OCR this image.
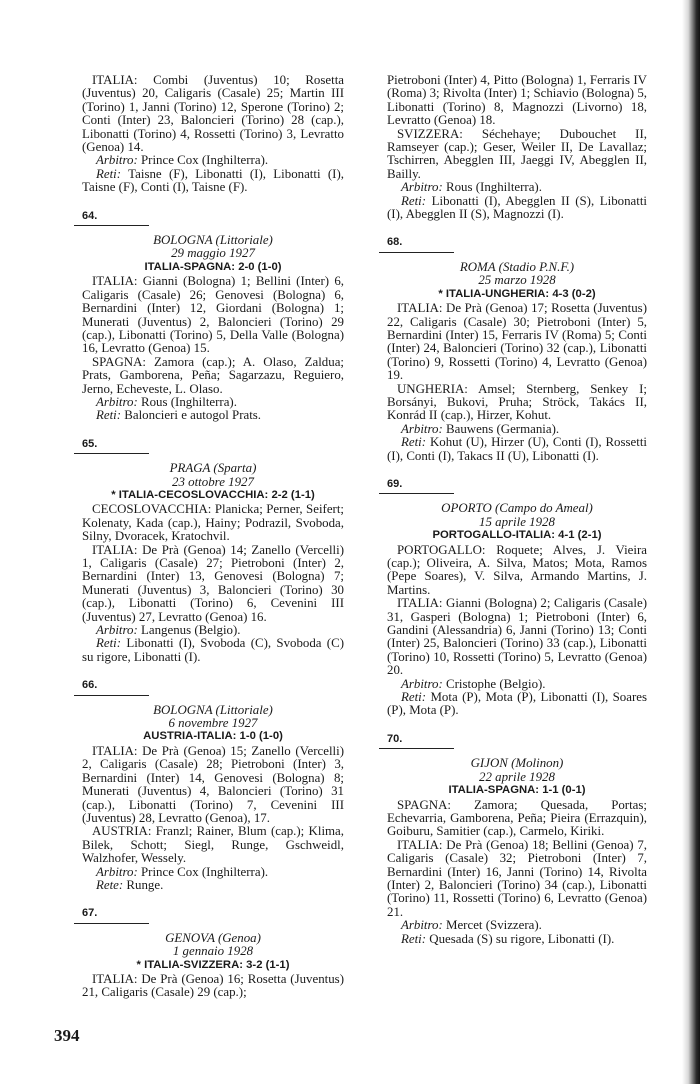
ITALIA: Combi (Juventus) 10; Rosetta (Juventus) 20, Caligaris (Casale) 25; Martin III (Torino) 1, Janni (Torino) 12, Sperone (Torino) 2; Conti (Inter) 23, Baloncieri (Torino) 28 (cap.), Libonatti (Torino) 4, Rossetti (Torino) 3, Levratto (Genoa) 14.
Arbitro: Prince Cox (Inghilterra).
Reti: Taisne (F), Libonatti (I), Libonatti (I), Taisne (F), Conti (I), Taisne (F).
64.
BOLOGNA (Littoriale)
29 maggio 1927
ITALIA-SPAGNA: 2-0 (1-0)
ITALIA: Gianni (Bologna) 1; Bellini (Inter) 6, Caligaris (Casale) 26; Genovesi (Bologna) 6, Bernardini (Inter) 12, Giordani (Bologna) 1; Munerati (Juventus) 2, Baloncieri (Torino) 29 (cap.), Libonatti (Torino) 5, Della Valle (Bologna) 16, Levratto (Genoa) 15.
SPAGNA: Zamora (cap.); A. Olaso, Zaldua; Prats, Gamborena, Peña; Sagarzazu, Reguiero, Jerno, Echeveste, L. Olaso.
Arbitro: Rous (Inghilterra).
Reti: Baloncieri e autogol Prats.
65.
PRAGA (Sparta)
23 ottobre 1927
* ITALIA-CECOSLOVACCHIA: 2-2 (1-1)
CECOSLOVACCHIA: Planicka; Perner, Seifert; Kolenaty, Kada (cap.), Hainy; Podrazil, Svoboda, Silny, Dvoracek, Kratochvil.
ITALIA: De Prà (Genoa) 14; Zanello (Vercelli) 1, Caligaris (Casale) 27; Pietroboni (Inter) 2, Bernardini (Inter) 13, Genovesi (Bologna) 7; Munerati (Juventus) 3, Baloncieri (Torino) 30 (cap.), Libonatti (Torino) 6, Cevenini III (Juventus) 27, Levratto (Genoa) 16.
Arbitro: Langenus (Belgio).
Reti: Libonatti (I), Svoboda (C), Svoboda (C) su rigore, Libonatti (I).
66.
BOLOGNA (Littoriale)
6 novembre 1927
AUSTRIA-ITALIA: 1-0 (1-0)
ITALIA: De Prà (Genoa) 15; Zanello (Vercelli) 2, Caligaris (Casale) 28; Pietroboni (Inter) 3, Bernardini (Inter) 14, Genovesi (Bologna) 8; Munerati (Juventus) 4, Baloncieri (Torino) 31 (cap.), Libonatti (Torino) 7, Cevenini III (Juventus) 28, Levratto (Genoa), 17.
AUSTRIA: Franzl; Rainer, Blum (cap.); Klima, Bilek, Schott; Siegl, Runge, Gschweidl, Walzhofer, Wessely.
Arbitro: Prince Cox (Inghilterra).
Rete: Runge.
67.
GENOVA (Genoa)
1 gennaio 1928
* ITALIA-SVIZZERA: 3-2 (1-1)
ITALIA: De Prà (Genoa) 16; Rosetta (Juventus) 21, Caligaris (Casale) 29 (cap.);
Pietroboni (Inter) 4, Pitto (Bologna) 1, Ferraris IV (Roma) 3; Rivolta (Inter) 1; Schiavio (Bologna) 5, Libonatti (Torino) 8, Magnozzi (Livorno) 18, Levratto (Genoa) 18.
SVIZZERA: Séchehaye; Dubouchet II, Ramseyer (cap.); Geser, Weiler II, De Lavallaz; Tschirren, Abegglen III, Jaeggi IV, Abegglen II, Bailly.
Arbitro: Rous (Inghilterra).
Reti: Libonatti (I), Abegglen II (S), Libonatti (I), Abegglen II (S), Magnozzi (I).
68.
ROMA (Stadio P.N.F.)
25 marzo 1928
* ITALIA-UNGHERIA: 4-3 (0-2)
ITALIA: De Prà (Genoa) 17; Rosetta (Juventus) 22, Caligaris (Casale) 30; Pietroboni (Inter) 5, Bernardini (Inter) 15, Ferraris IV (Roma) 5; Conti (Inter) 24, Baloncieri (Torino) 32 (cap.), Libonatti (Torino) 9, Rossetti (Torino) 4, Levratto (Genoa) 19.
UNGHERIA: Amsel; Sternberg, Senkey I; Borsányi, Bukovi, Pruha; Ströck, Takács II, Konrád II (cap.), Hirzer, Kohut.
Arbitro: Bauwens (Germania).
Reti: Kohut (U), Hirzer (U), Conti (I), Rossetti (I), Conti (I), Takacs II (U), Libonatti (I).
69.
OPORTO (Campo do Ameal)
15 aprile 1928
PORTOGALLO-ITALIA: 4-1 (2-1)
PORTOGALLO: Roquete; Alves, J. Vieira (cap.); Oliveira, A. Silva, Matos; Mota, Ramos (Pepe Soares), V. Silva, Armando Martins, J. Martins.
ITALIA: Gianni (Bologna) 2; Caligaris (Casale) 31, Gasperi (Bologna) 1; Pietroboni (Inter) 6, Gandini (Alessandria) 6, Janni (Torino) 13; Conti (Inter) 25, Baloncieri (Torino) 33 (cap.), Libonatti (Torino) 10, Rossetti (Torino) 5, Levratto (Genoa) 20.
Arbitro: Cristophe (Belgio).
Reti: Mota (P), Mota (P), Libonatti (I), Soares (P), Mota (P).
70.
GIJON (Molinon)
22 aprile 1928
ITALIA-SPAGNA: 1-1 (0-1)
SPAGNA: Zamora; Quesada, Portas; Echevarria, Gamborena, Peña; Pieira (Errazquin), Goiburu, Samitier (cap.), Carmelo, Kiriki.
ITALIA: De Prà (Genoa) 18; Bellini (Genoa) 7, Caligaris (Casale) 32; Pietroboni (Inter) 7, Bernardini (Inter) 16, Janni (Torino) 14, Rivolta (Inter) 2, Baloncieri (Torino) 34 (cap.), Libonatti (Torino) 11, Rossetti (Torino) 6, Levratto (Genoa) 21.
Arbitro: Mercet (Svizzera).
Reti: Quesada (S) su rigore, Libonatti (I).
394
